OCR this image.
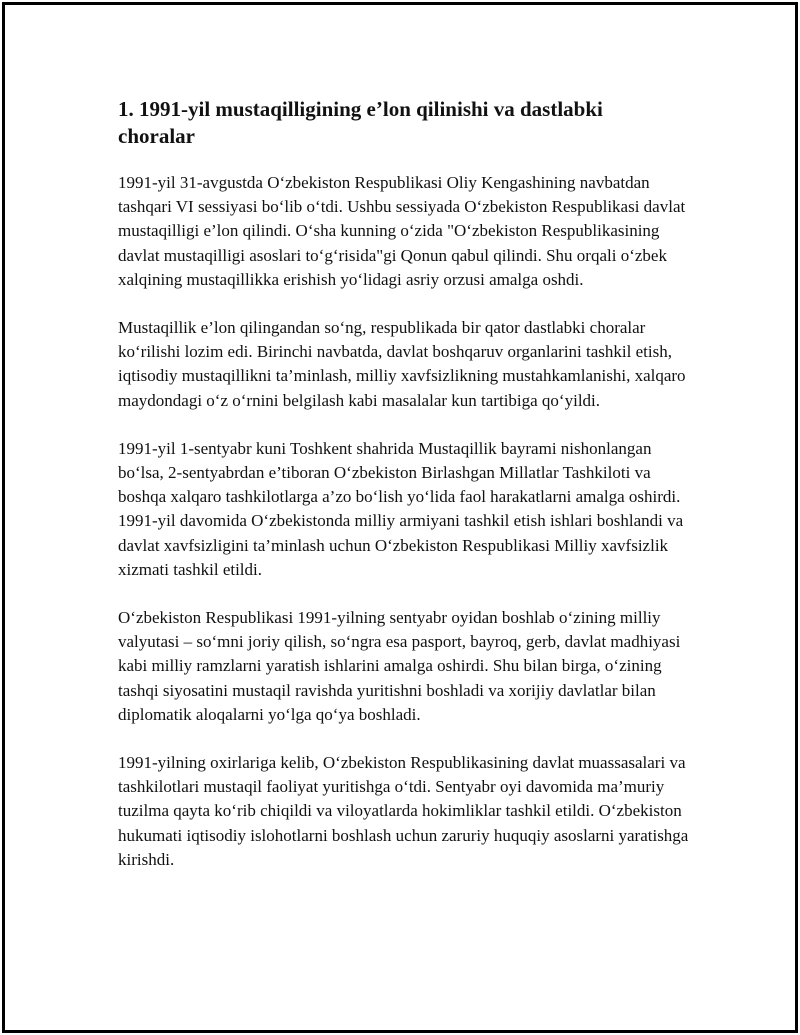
1. 1991-yil mustaqilligining e’lon qilinishi va dastlabki choralar

1991-yil 31-avgustda O‘zbekiston Respublikasi Oliy Kengashining navbatdan tashqari VI sessiyasi bo‘lib o‘tdi. Ushbu sessiyada O‘zbekiston Respublikasi davlat mustaqilligi e’lon qilindi. O‘sha kunning o‘zida "O‘zbekiston Respublikasining davlat mustaqilligi asoslari to‘g‘risida"gi Qonun qabul qilindi. Shu orqali o‘zbek xalqining mustaqillikka erishish yo‘lidagi asriy orzusi amalga oshdi.

Mustaqillik e’lon qilingandan so‘ng, respublikada bir qator dastlabki choralar ko‘rilishi lozim edi. Birinchi navbatda, davlat boshqaruv organlarini tashkil etish, iqtisodiy mustaqillikni ta’minlash, milliy xavfsizlikning mustahkamlanishi, xalqaro maydondagi o‘z o‘rnini belgilash kabi masalalar kun tartibiga qo‘yildi.

1991-yil 1-sentyabr kuni Toshkent shahrida Mustaqillik bayrami nishonlangan bo‘lsa, 2-sentyabrdan e’tiboran O‘zbekiston Birlashgan Millatlar Tashkiloti va boshqa xalqaro tashkilotlarga a’zo bo‘lish yo‘lida faol harakatlarni amalga oshirdi. 1991-yil davomida O‘zbekistonda milliy armiyani tashkil etish ishlari boshlandi va davlat xavfsizligini ta’minlash uchun O‘zbekiston Respublikasi Milliy xavfsizlik xizmati tashkil etildi.

O‘zbekiston Respublikasi 1991-yilning sentyabr oyidan boshlab o‘zining milliy valyutasi – so‘mni joriy qilish, so‘ngra esa pasport, bayroq, gerb, davlat madhiyasi kabi milliy ramzlarni yaratish ishlarini amalga oshirdi. Shu bilan birga, o‘zining tashqi siyosatini mustaqil ravishda yuritishni boshladi va xorijiy davlatlar bilan diplomatik aloqalarni yo‘lga qo‘ya boshladi.

1991-yilning oxirlariga kelib, O‘zbekiston Respublikasining davlat muassasalari va tashkilotlari mustaqil faoliyat yuritishga o‘tdi. Sentyabr oyi davomida ma’muriy tuzilma qayta ko‘rib chiqildi va viloyatlarda hokimliklar tashkil etildi. O‘zbekiston hukumati iqtisodiy islohotlarni boshlash uchun zaruriy huquqiy asoslarni yaratishga kirishdi.
